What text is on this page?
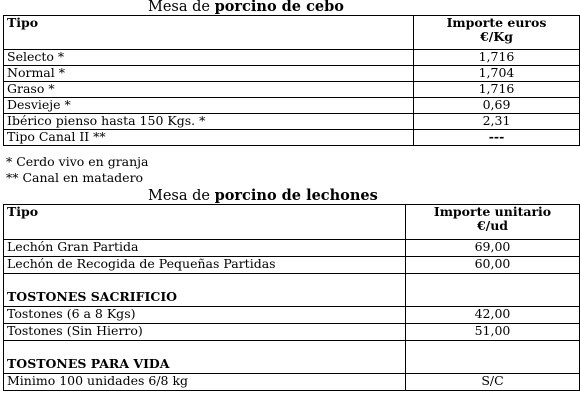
Mesa de porcino de cebo
Tipo	Importe euros
€/Kg

Selecto *	1,716
Normal *	1,704
Graso *	1,716
Desvieje *	0,69
Ibérico pienso hasta 150 Kgs. *	2,31
Tipo Canal II **	---
* Cerdo vivo en granja
** Canal en matadero
Mesa de porcino de lechones
Tipo	Importe unitario
€/ud

Lechón Gran Partida	69,00
Lechón de Recogida de Pequeñas Partidas	60,00
TOSTONES SACRIFICIO	
Tostones (6 a 8 Kgs)	42,00
Tostones (Sin Hierro)	51,00
TOSTONES PARA VIDA	
Minimo 100 unidades 6/8 kg	S/C
